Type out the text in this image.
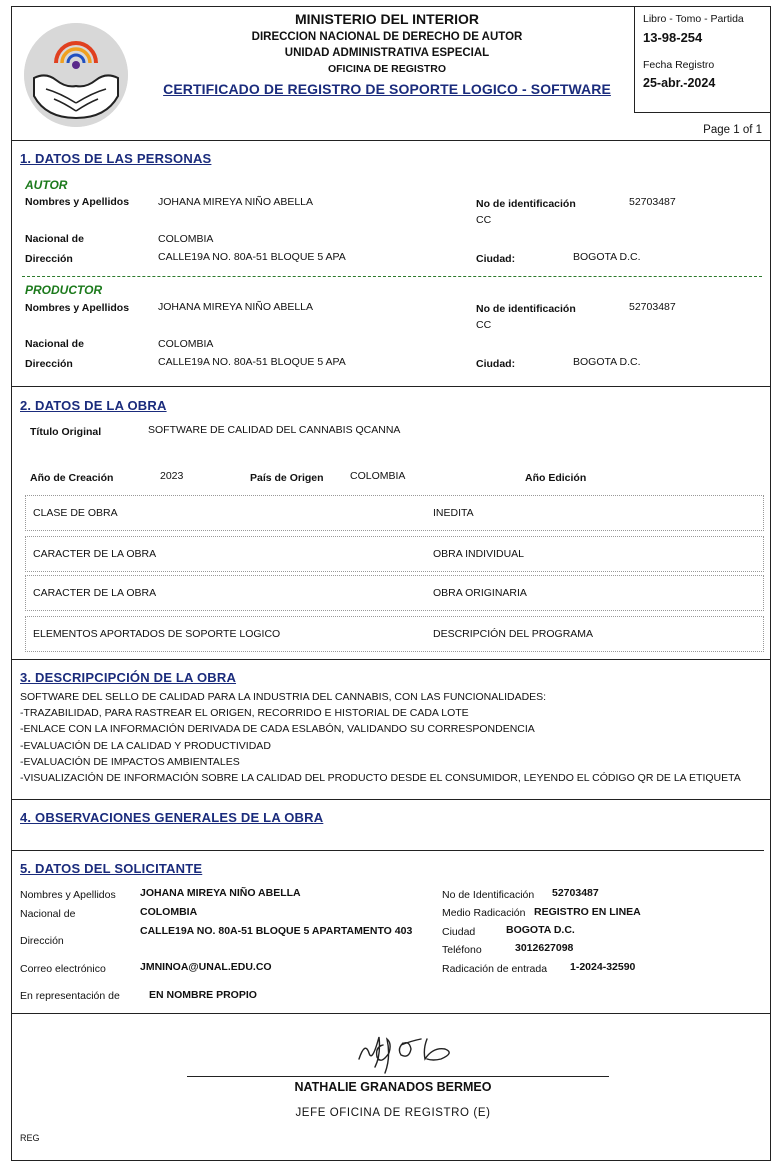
MINISTERIO DEL INTERIOR
DIRECCION NACIONAL DE DERECHO DE AUTOR
UNIDAD ADMINISTRATIVA ESPECIAL
OFICINA DE REGISTRO
CERTIFICADO DE REGISTRO DE SOPORTE LOGICO - SOFTWARE
Libro - Tomo - Partida
13-98-254
Fecha Registro
25-abr.-2024
Page 1 of 1
1. DATOS DE LAS PERSONAS
AUTOR
Nombres y Apellidos	JOHANA MIREYA NIÑO ABELLA	No de identificación	52703487
CC
Nacional de	COLOMBIA
Dirección	CALLE19A NO. 80A-51 BLOQUE 5 APA	Ciudad:	BOGOTA D.C.
PRODUCTOR
Nombres y Apellidos	JOHANA MIREYA NIÑO ABELLA	No de identificación	52703487
CC
Nacional de	COLOMBIA
Dirección	CALLE19A NO. 80A-51 BLOQUE 5 APA	Ciudad:	BOGOTA D.C.
2. DATOS DE LA OBRA
Título Original	SOFTWARE DE CALIDAD DEL CANNABIS QCANNA
Año de Creación	2023	País de Origen	COLOMBIA	Año Edición
CLASE DE OBRA	INEDITA
CARACTER DE LA OBRA	OBRA INDIVIDUAL
CARACTER DE LA OBRA	OBRA ORIGINARIA
ELEMENTOS APORTADOS DE SOPORTE LOGICO	DESCRIPCIÓN DEL PROGRAMA
3. DESCRIPCIPCIÓN DE LA OBRA
SOFTWARE DEL SELLO DE CALIDAD PARA LA INDUSTRIA DEL CANNABIS, CON LAS FUNCIONALIDADES:
-TRAZABILIDAD, PARA RASTREAR EL ORIGEN, RECORRIDO E HISTORIAL DE CADA LOTE
-ENLACE CON LA INFORMACIÓN DERIVADA DE CADA ESLABÓN, VALIDANDO SU CORRESPONDENCIA
-EVALUACIÓN DE LA CALIDAD Y PRODUCTIVIDAD
-EVALUACIÓN DE IMPACTOS AMBIENTALES
-VISUALIZACIÓN DE INFORMACIÓN SOBRE LA CALIDAD DEL PRODUCTO DESDE EL CONSUMIDOR, LEYENDO EL CÓDIGO QR DE LA ETIQUETA
4. OBSERVACIONES GENERALES DE LA OBRA
5. DATOS DEL SOLICITANTE
Nombres y Apellidos JOHANA MIREYA NIÑO ABELLA
Nacional de	COLOMBIA
Dirección
CALLE19A NO. 80A-51 BLOQUE 5 APARTAMENTO 403
Correo electrónico	JMNINOA@UNAL.EDU.CO
En representación de	EN NOMBRE PROPIO
No de Identificación 52703487
Medio Radicación REGISTRO EN LINEA
Ciudad	BOGOTA D.C.
Teléfono	3012627098
Radicación de entrada 1-2024-32590
NATHALIE GRANADOS BERMEO
JEFE OFICINA DE REGISTRO (E)
REG
